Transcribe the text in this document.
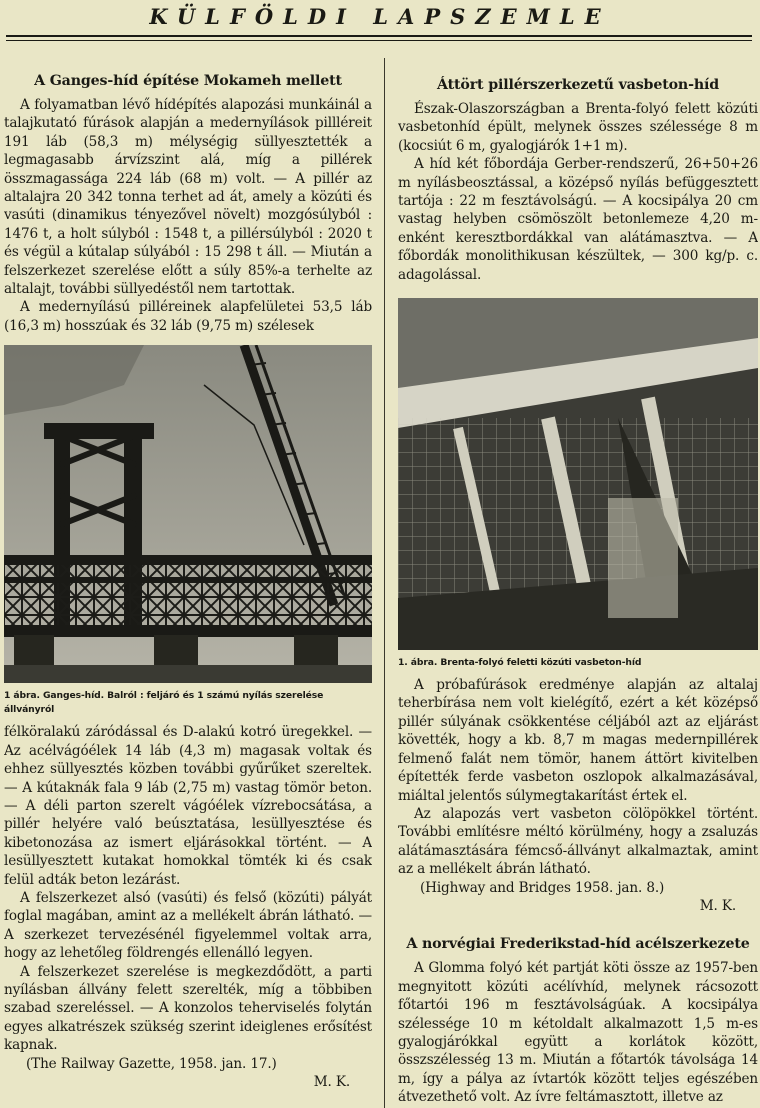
KÜLFÖLDI LAPSZEMLE
A Ganges-híd építése Mokameh mellett

A folyamatban lévő hídépítés alapozási munkáinál a talajkutató fúrások alapján a medernyílások pillléreit 191 láb (58,3 m) mélységig süllyesztették a legmagasabb árvízszint alá, míg a pillérek összmagassága 224 láb (68 m) volt. — A pillér az altalajra 20 342 tonna terhet ad át, amely a közúti és vasúti (dinamikus tényezővel növelt) mozgósúlyból : 1476 t, a holt súlyból : 1548 t, a pillérsúlyból : 2020 t és végül a kútalap súlyából : 15 298 t áll. — Miután a felszerkezet szerelése előtt a súly 85%-a terhelte az altalajt, további süllyedéstől nem tartottak.

A medernyílású pilléreinek alapfelületei 53,5 láb (16,3 m) hosszúak és 32 láb (9,75 m) szélesek

1 ábra. Ganges-híd. Balról : feljáró és 1 számú nyílás szerelése állványról

félköralakú záródással és D-alakú kotró üregekkel. — Az acélvágóélek 14 láb (4,3 m) magasak voltak és ehhez süllyesztés közben további gyűrűket szereltek. — A kútaknák fala 9 láb (2,75 m) vastag tömör beton. — A déli parton szerelt vágóélek vízrebocsátása, a pillér helyére való beúsztatása, lesüllyesztése és kibetonozása az ismert eljárásokkal történt. — A lesüllyesztett kutakat homokkal tömték ki és csak felül adták beton lezárást.

A felszerkezet alsó (vasúti) és felső (közúti) pályát foglal magában, amint az a mellékelt ábrán látható. — A szerkezet tervezésénél figyelemmel voltak arra, hogy az lehetőleg földrengés ellenálló legyen.

A felszerkezet szerelése is megkezdődött, a parti nyílásban állvány felett szerelték, míg a többiben szabad szereléssel. — A konzolos teherviselés folytán egyes alkatrészek szükség szerint ideiglenes erősítést kapnak.

(The Railway Gazette, 1958. jan. 17.)

M. K.

Áttört pillérszerkezetű vasbeton-híd

Észak-Olaszországban a Brenta-folyó felett közúti vasbetonhíd épült, melynek összes szélessége 8 m (kocsiút 6 m, gyalogjárók 1+1 m).

A híd két főbordája Gerber-rendszerű, 26+50+26 m nyílásbeosztással, a középső nyílás befüggesztett tartója : 22 m fesztávolságú. — A kocsipálya 20 cm vastag helyben csömöszölt betonlemeze 4,20 m-enként keresztbordákkal van alátámasztva. — A főbordák monolithikusan készültek, — 300 kg/p. c. adagolással.

1. ábra. Brenta-folyó feletti közúti vasbeton-híd

A próbafúrások eredménye alapján az altalaj teherbírása nem volt kielégítő, ezért a két középső pillér súlyának csökkentése céljából azt az eljárást követték, hogy a kb. 8,7 m magas medernpillérek felmenő falát nem tömör, hanem áttört kivitelben építették ferde vasbeton oszlopok alkalmazásával, miáltal jelentős súlymegtakarítást értek el.

Az alapozás vert vasbeton cölöpökkel történt. További említésre méltó körülmény, hogy a zsaluzás alátámasztására fémcső-állványt alkalmaztak, amint az a mellékelt ábrán látható.

(Highway and Bridges 1958. jan. 8.)

M. K.

A norvégiai Frederikstad-híd acélszerkezete

A Glomma folyó két partját köti össze az 1957-ben megnyitott közúti acélívhíd, melynek rácsozott főtartói 196 m fesztávolságúak. A kocsipálya szélessége 10 m kétoldalt alkalmazott 1,5 m-es gyalogjárókkal együtt a korlátok között, összszélesség 13 m. Miután a főtartók távolsága 14 m, így a pálya az ívtartók között teljes egészében átvezethető volt. Az ívre feltámasztott, illetve az
